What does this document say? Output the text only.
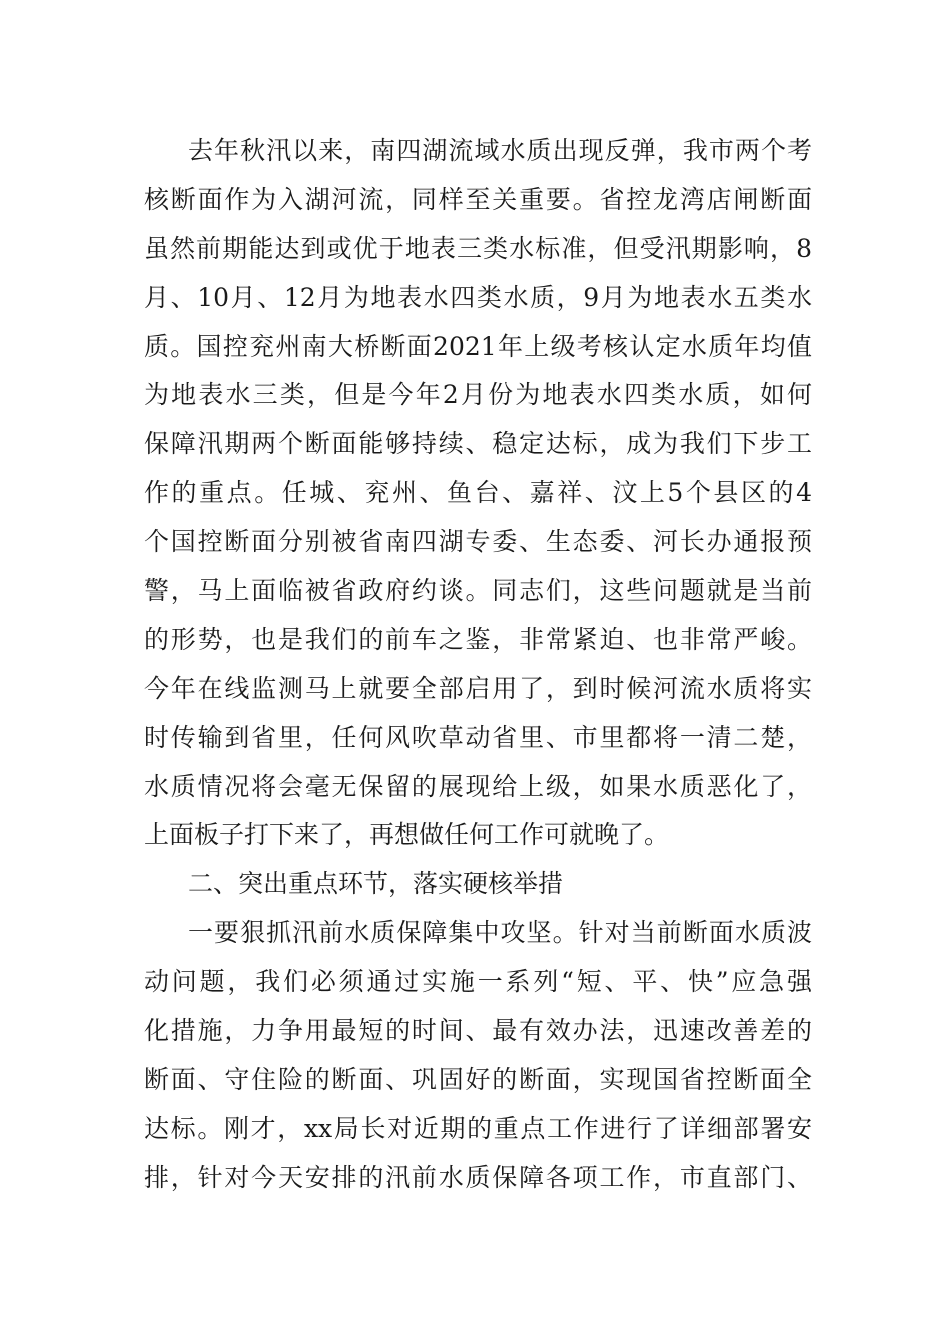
去年秋汛以来，南四湖流域水质出现反弹，我市两个考
核断面作为入湖河流，同样至关重要。省控龙湾店闸断面
虽然前期能达到或优于地表三类水标准，但受汛期影响，8
月、10月、12月为地表水四类水质，9月为地表水五类水
质。国控兖州南大桥断面2021年上级考核认定水质年均值
为地表水三类，但是今年2月份为地表水四类水质，如何
保障汛期两个断面能够持续、稳定达标，成为我们下步工
作的重点。任城、兖州、鱼台、嘉祥、汶上5个县区的4
个国控断面分别被省南四湖专委、生态委、河长办通报预
警，马上面临被省政府约谈。同志们，这些问题就是当前
的形势，也是我们的前车之鉴，非常紧迫、也非常严峻。
今年在线监测马上就要全部启用了，到时候河流水质将实
时传输到省里，任何风吹草动省里、市里都将一清二楚，
水质情况将会毫无保留的展现给上级，如果水质恶化了，
上面板子打下来了，再想做任何工作可就晚了。
二、突出重点环节，落实硬核举措
一要狠抓汛前水质保障集中攻坚。针对当前断面水质波
动问题，我们必须通过实施一系列“短、平、快”应急强
化措施，力争用最短的时间、最有效办法，迅速改善差的
断面、守住险的断面、巩固好的断面，实现国省控断面全
达标。刚才，xx局长对近期的重点工作进行了详细部署安
排，针对今天安排的汛前水质保障各项工作，市直部门、
